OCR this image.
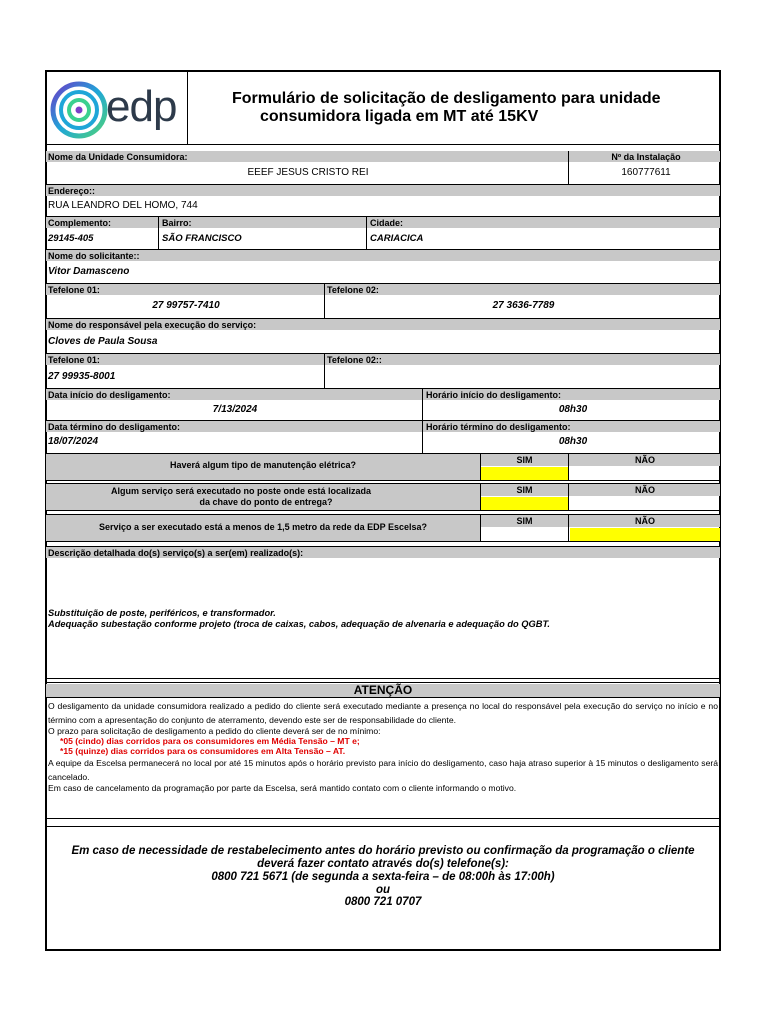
edp	Formulário de solicitação de desligamento para unidade
consumidora ligada em MT até 15KV
Nome da Unidade Consumidora:	Nº da Instalação
EEEF JESUS CRISTO REI	160777611
Endereço::
RUA LEANDRO DEL HOMO, 744
Complemento:	Bairro:	Cidade:
29145-405	SÃO FRANCISCO	CARIACICA
Nome do solicitante::
Vitor Damasceno
Tefelone 01:	Tefelone 02:
27 99757-7410	27 3636-7789
Nome do responsável pela execução do serviço:
Cloves de Paula Sousa
Tefelone 01:	Tefelone 02::
27 99935-8001
Data início do desligamento:	Horário início do desligamento:
7/13/2024	08h30
Data término do desligamento:	Horário término do desligamento:
18/07/2024	08h30
Haverá algum tipo de manutenção elétrica?	SIM	NÃO
Algum serviço será executado no poste onde está localizada
da chave do ponto de entrega?
SIM	NÃO
Serviço a ser executado está a menos de 1,5 metro da rede da EDP Escelsa?
SIM	NÃO
Descrição detalhada do(s) serviço(s) a ser(em) realizado(s):
Substituição de poste, periféricos, e transformador.
Adequação subestação conforme projeto (troca de caixas, cabos, adequação de alvenaria e adequação do QGBT.
ATENÇÃO
O desligamento da unidade consumidora realizado a pedido do cliente será executado mediante a presença no local do responsável pela execução do serviço no início e no término com a apresentação do conjunto de aterramento, devendo este ser de responsabilidade do cliente.
O prazo para solicitação de desligamento a pedido do cliente deverá ser de no mínimo:
*05 (cindo) dias corridos para os consumidores em Média Tensão – MT e;
*15 (quinze) dias corridos para os consumidores em Alta Tensão – AT.
A equipe da Escelsa permanecerá no local por até 15 minutos após o horário previsto para início do desligamento, caso haja atraso superior à 15 minutos o desligamento será cancelado.
Em caso de cancelamento da programação por parte da Escelsa, será mantido contato com o cliente informando o motivo.
Em caso de necessidade de restabelecimento antes do horário previsto ou confirmação da programação o cliente
deverá fazer contato através do(s) telefone(s):
0800 721 5671 (de segunda a sexta-feira – de 08:00h às 17:00h)
ou
0800 721 0707
